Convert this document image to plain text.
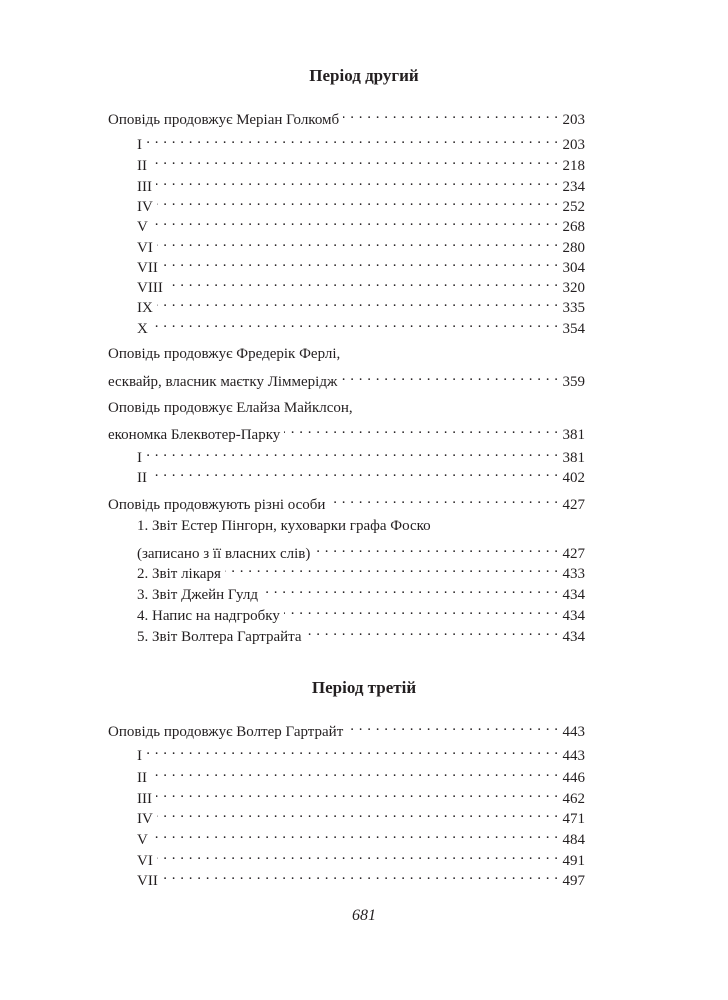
Період другий
Оповідь продовжує Меріан Голкомб . . .	203
I . . .	203
II . . .	218
III . . .	234
IV . . .	252
V . . .	268
VI . . .	280
VII . . .	304
VIII . . .	320
IX . . .	335
X . . .	354
Оповідь продовжує Фредерік Ферлі,
есквайр, власник маєтку Ліммерідж . . .	359
Оповідь продовжує Елайза Майклсон,
економка Блеквотер-Парку . . .	381
I . . .	381
II . . .	402
Оповідь продовжують різні особи . . .	427
1. Звіт Естер Пінгорн, куховарки графа Фоско
(записано з її власних слів) . . .	427
2. Звіт лікаря . . .	433
3. Звіт Джейн Гулд . . .	434
4. Напис на надгробку . . .	434
5. Звіт Волтера Гартрайта . . .	434
Період третій
Оповідь продовжує Волтер Гартрайт . . .	443
I . . .	443
II . . .	446
III . . .	462
IV . . .	471
V . . .	484
VI . . .	491
VII . . .	497
681
